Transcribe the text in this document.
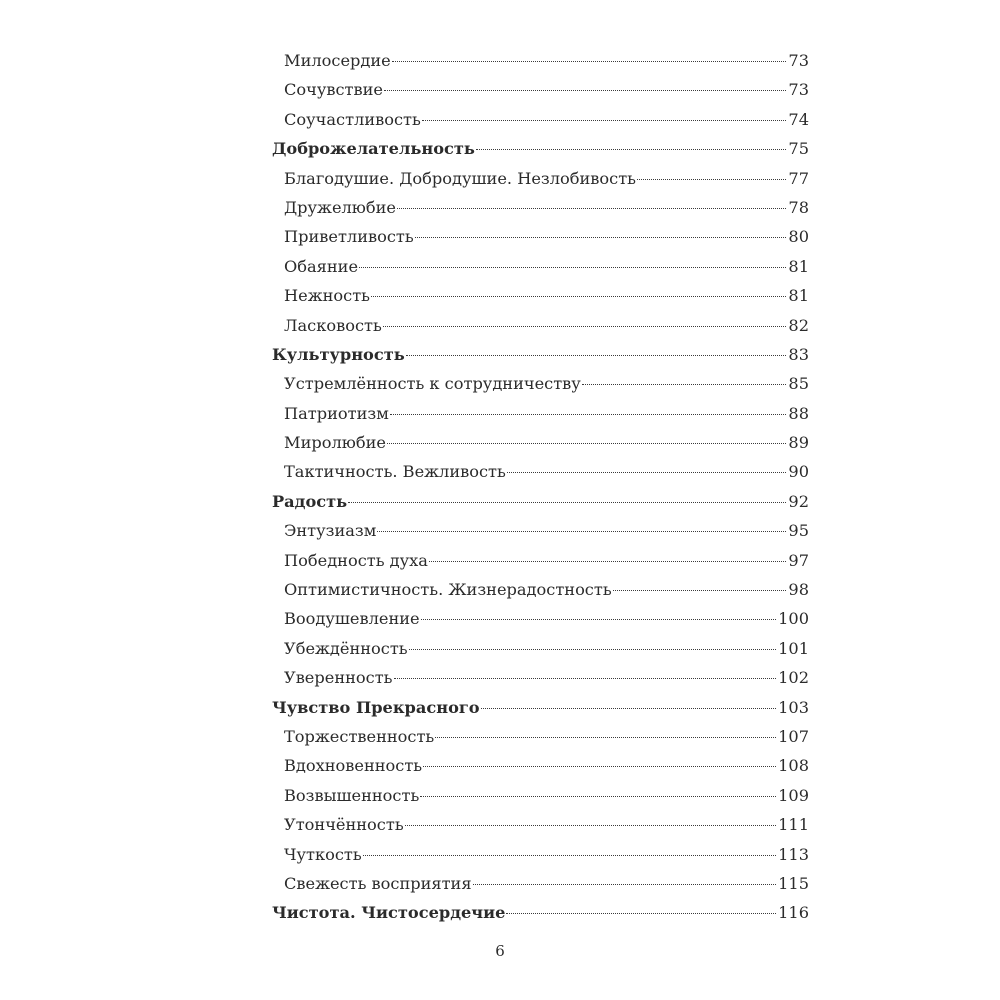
Милосердие	73
Сочувствие	73
Соучастливость	74
Доброжелательность	75
Благодушие. Добродушие. Незлобивость	77
Дружелюбие	78
Приветливость	80
Обаяние	81
Нежность	81
Ласковость	82
Культурность	83
Устремлённость к сотрудничеству	85
Патриотизм	88
Миролюбие	89
Тактичность. Вежливость	90
Радость	92
Энтузиазм	95
Победность духа	97
Оптимистичность. Жизнерадостность	98
Воодушевление	100
Убеждённость	101
Уверенность	102
Чувство Прекрасного	103
Торжественность	107
Вдохновенность	108
Возвышенность	109
Утончённость	111
Чуткость	113
Свежесть восприятия	115
Чистота. Чистосердечие	116
6
